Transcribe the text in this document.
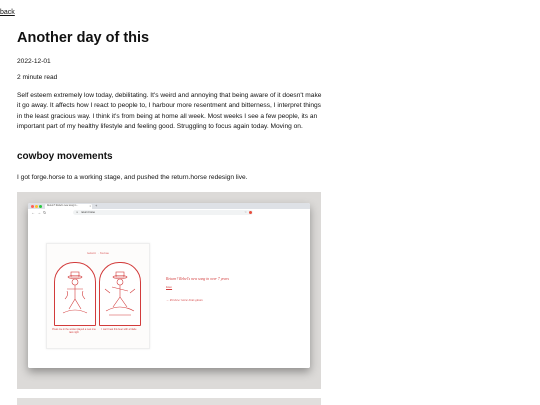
back
Another day of this

2022-12-01

2 minute read

Self esteem extremely low today, debilitating. It's weird and annoying that being aware of it doesn't make it go away. It affects how I react to people to, I harbour more resentment and bitterness, I interpret things in the least gracious way. I think it's from being at home all week. Most weeks I see a few people, its an important part of my healthy lifestyle and feeling good. Struggling to focus again today. Moving on.

cowboy movements

I got forge.horse to a working stage, and pushed the return.horse redesign live.

Return? Rebel's new song in...	× +
← → ↻	⊙ return.horse	☆
return · horse
Press me in the socket played a new one last night
I can't beat this beer with a blade
Return? Rebel's new song in over 7 years
listen
→ Preview: horse hints gloom
